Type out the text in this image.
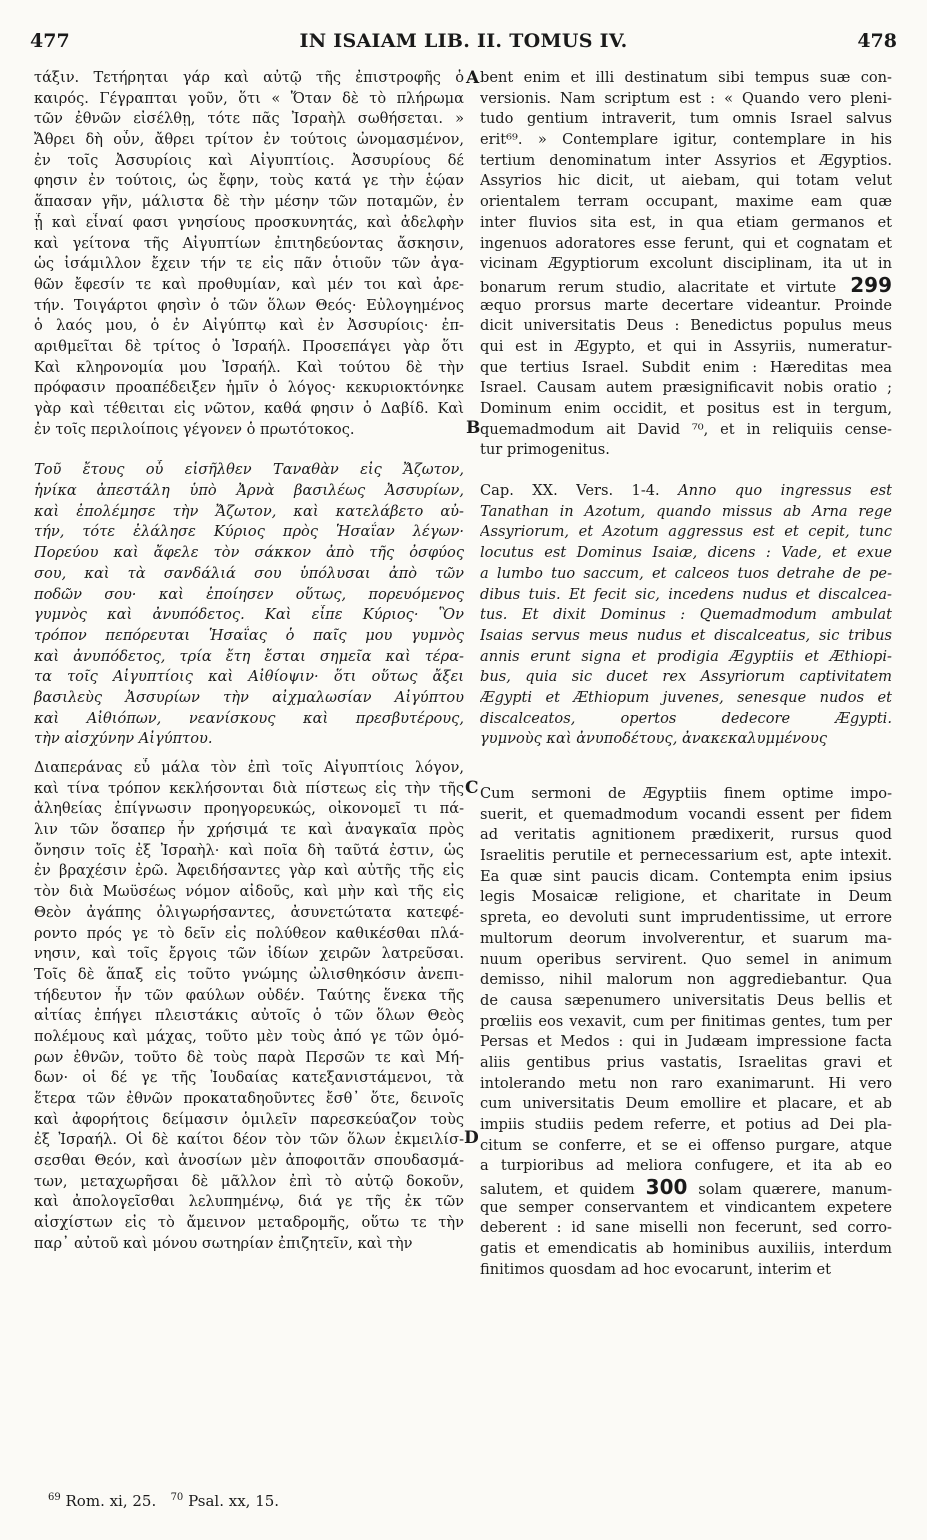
IN ISAIAM LIB. II. TOMUS IV.
477	478
τάξιν. Τετήρηται γάρ καὶ αὐτῷ τῆς ἐπιστροφῆς ὁ
καιρός. Γέγραπται γοῦν, ὅτι « Ὅταν δὲ τὸ πλήρωμα
τῶν ἐθνῶν εἰσέλθῃ, τότε πᾶς Ἰσραὴλ σωθήσεται. »
Ἄθρει δὴ οὖν, ἄθρει τρίτον ἐν τούτοις ὠνομασμένον,
ἐν τοῖς Ἀσσυρίοις καὶ Αἰγυπτίοις. Ἀσσυρίους δέ
φησιν ἐν τούτοις, ὡς ἔφην, τοὺς κατά γε τὴν ἑῴαν
ἅπασαν γῆν, μάλιστα δὲ τὴν μέσην τῶν ποταμῶν, ἐν
ᾗ καὶ εἶναί φασι γνησίους προσκυνητάς, καὶ ἀδελφὴν
καὶ γείτονα τῆς Αἰγυπτίων ἐπιτηδεύοντας ἄσκησιν,
ὡς ἰσάμιλλον ἔχειν τήν τε εἰς πᾶν ὁτιοῦν τῶν ἀγα-
θῶν ἔφεσίν τε καὶ προθυμίαν, καὶ μέν τοι καὶ ἀρε-
τήν. Τοιγάρτοι φησὶν ὁ τῶν ὅλων Θεός· Εὐλογημένος
ὁ λαός μου, ὁ ἐν Αἰγύπτῳ καὶ ἐν Ἀσσυρίοις· ἐπ-
αριθμεῖται δὲ τρίτος ὁ Ἰσραήλ. Προσεπάγει γὰρ ὅτι
Καὶ κληρονομία μου Ἰσραήλ. Καὶ τούτου δὲ τὴν
πρόφασιν προαπέδειξεν ἡμῖν ὁ λόγος· κεκυριοκτόνηκε
γὰρ καὶ τέθειται εἰς νῶτον, καθά φησιν ὁ Δαβίδ. Καὶ
ἐν τοῖς περιλοίποις γέγονεν ὁ πρωτότοκος.
Τοῦ ἔτους οὗ εἰσῆλθεν Ταναθὰν εἰς Ἄζωτον,
ἡνίκα ἀπεστάλη ὑπὸ Ἀρνὰ βασιλέως Ἀσσυρίων,
καὶ ἐπολέμησε τὴν Ἄζωτον, καὶ κατελάβετο αὐ-
τήν, τότε ἐλάλησε Κύριος πρὸς Ἡσαΐαν λέγων·
Πορεύου καὶ ἄφελε τὸν σάκκον ἀπὸ τῆς ὀσφύος
σου, καὶ τὰ σανδάλιά σου ὑπόλυσαι ἀπὸ τῶν
ποδῶν σου· καὶ ἐποίησεν οὕτως, πορευόμενος
γυμνὸς καὶ ἀνυπόδετος. Καὶ εἶπε Κύριος· Ὃν
τρόπον πεπόρευται Ἡσαΐας ὁ παῖς μου γυμνὸς
καὶ ἀνυπόδετος, τρία ἔτη ἔσται σημεῖα καὶ τέρα-
τα τοῖς Αἰγυπτίοις καὶ Αἰθίοψιν· ὅτι οὕτως ἄξει
βασιλεὺς Ἀσσυρίων τὴν αἰχμαλωσίαν Αἰγύπτου
καὶ Αἰθιόπων, νεανίσκους καὶ πρεσβυτέρους,
τὴν αἰσχύνην Αἰγύπτου.
Διαπεράνας εὖ μάλα τὸν ἐπὶ τοῖς Αἰγυπτίοις λόγον,
καὶ τίνα τρόπον κεκλήσονται διὰ πίστεως εἰς τὴν τῆς
ἀληθείας ἐπίγνωσιν προηγορευκώς, οἰκονομεῖ τι πά-
λιν τῶν ὅσαπερ ἦν χρήσιμά τε καὶ ἀναγκαῖα πρὸς
ὄνησιν τοῖς ἐξ Ἰσραὴλ· καὶ ποῖα δὴ ταῦτά ἐστιν, ὡς
ἐν βραχέσιν ἐρῶ. Ἀφειδήσαντες γὰρ καὶ αὐτῆς τῆς εἰς
τὸν διὰ Μωϋσέως νόμον αἰδοῦς, καὶ μὴν καὶ τῆς εἰς
Θεὸν ἀγάπης ὀλιγωρήσαντες, ἀσυνετώτατα κατεφέ-
ροντο πρός γε τὸ δεῖν εἰς πολύθεον καθικέσθαι πλά-
νησιν, καὶ τοῖς ἔργοις τῶν ἰδίων χειρῶν λατρεῦσαι.
Τοῖς δὲ ἅπαξ εἰς τοῦτο γνώμης ὠλισθηκόσιν ἀνεπι-
τήδευτον ἦν τῶν φαύλων οὐδέν. Ταύτης ἕνεκα τῆς
αἰτίας ἐπήγει πλειστάκις αὐτοῖς ὁ τῶν ὅλων Θεὸς
πολέμους καὶ μάχας, τοῦτο μὲν τοὺς ἀπό γε τῶν ὁμό-
ρων ἐθνῶν, τοῦτο δὲ τοὺς παρὰ Περσῶν τε καὶ Μή-
δων· οἱ δέ γε τῆς Ἰουδαίας κατεξανιστάμενοι, τὰ
ἕτερα τῶν ἐθνῶν προκαταδηοῦντες ἔσθ᾽ ὅτε, δεινοῖς
καὶ ἀφορήτοις δείμασιν ὁμιλεῖν παρεσκεύαζον τοὺς
ἐξ Ἰσραήλ. Οἱ δὲ καίτοι δέον τὸν τῶν ὅλων ἐκμειλίσ-
σεσθαι Θεόν, καὶ ἀνοσίων μὲν ἀποφοιτᾶν σπουδασμά-
των, μεταχωρῆσαι δὲ μᾶλλον ἐπὶ τὸ αὐτῷ δοκοῦν,
καὶ ἀπολογεῖσθαι λελυπημένῳ, διά γε τῆς ἐκ τῶν
αἰσχίστων εἰς τὸ ἄμεινον μεταδρομῆς, οὕτω τε τὴν
παρ᾽ αὐτοῦ καὶ μόνου σωτηρίαν ἐπιζητεῖν, καὶ τὴν
bent enim et illi destinatum sibi tempus suæ con-
versionis. Nam scriptum est : « Quando vero pleni-
tudo gentium intraverit, tum omnis Israel salvus
erit⁶⁹. » Contemplare igitur, contemplare in his
tertium denominatum inter Assyrios et Ægyptios.
Assyrios hic dicit, ut aiebam, qui totam velut
orientalem terram occupant, maxime eam quæ
inter fluvios sita est, in qua etiam germanos et
ingenuos adoratores esse ferunt, qui et cognatam et
vicinam Ægyptiorum excolunt disciplinam, ita ut in
bonarum rerum studio, alacritate et virtute 299
æquo prorsus marte decertare videantur. Proinde
dicit universitatis Deus : Benedictus populus meus
qui est in Ægypto, et qui in Assyriis, numeratur-
que tertius Israel. Subdit enim : Hæreditas mea
Israel. Causam autem præsignificavit nobis oratio ;
Dominum enim occidit, et positus est in tergum,
quemadmodum ait David ⁷⁰, et in reliquiis cense-
tur primogenitus.
Cap. XX. Vers. 1-4. Anno quo ingressus est
Tanathan in Azotum, quando missus ab Arna rege
Assyriorum, et Azotum aggressus est et cepit, tunc
locutus est Dominus Isaiæ, dicens : Vade, et exue
a lumbo tuo saccum, et calceos tuos detrahe de pe-
dibus tuis. Et fecit sic, incedens nudus et discalcea-
tus. Et dixit Dominus : Quemadmodum ambulat
Isaias servus meus nudus et discalceatus, sic tribus
annis erunt signa et prodigia Ægyptiis et Æthiopi-
bus, quia sic ducet rex Assyriorum captivitatem
Ægypti et Æthiopum juvenes, senesque nudos et
discalceatos, opertos dedecore Ægypti.
γυμνοὺς καὶ ἀνυποδέτους, ἀνακεκαλυμμένους
Cum sermoni de Ægyptiis finem optime impo-
suerit, et quemadmodum vocandi essent per fidem
ad veritatis agnitionem prædixerit, rursus quod
Israelitis perutile et pernecessarium est, apte intexit.
Ea quæ sint paucis dicam. Contempta enim ipsius
legis Mosaicæ religione, et charitate in Deum
spreta, eo devoluti sunt imprudentissime, ut errore
multorum deorum involverentur, et suarum ma-
nuum operibus servirent. Quo semel in animum
demisso, nihil malorum non aggrediebantur. Qua
de causa sæpenumero universitatis Deus bellis et
prœliis eos vexavit, cum per finitimas gentes, tum per
Persas et Medos : qui in Judæam impressione facta
aliis gentibus prius vastatis, Israelitas gravi et
intolerando metu non raro exanimarunt. Hi vero
cum universitatis Deum emollire et placare, et ab
impiis studiis pedem referre, et potius ad Dei pla-
citum se conferre, et se ei offenso purgare, atque
a turpioribus ad meliora confugere, et ita ab eo
salutem, et quidem 300 solam quærere, manum-
que semper conservantem et vindicantem expetere
deberent : id sane miselli non fecerunt, sed corro-
gatis et emendicatis ab hominibus auxiliis, interdum
finitimos quosdam ad hoc evocarunt, interim et
A
B
C
D
$^{69}$ Rom. xi, 25. $^{70}$ Psal. xx, 15.
